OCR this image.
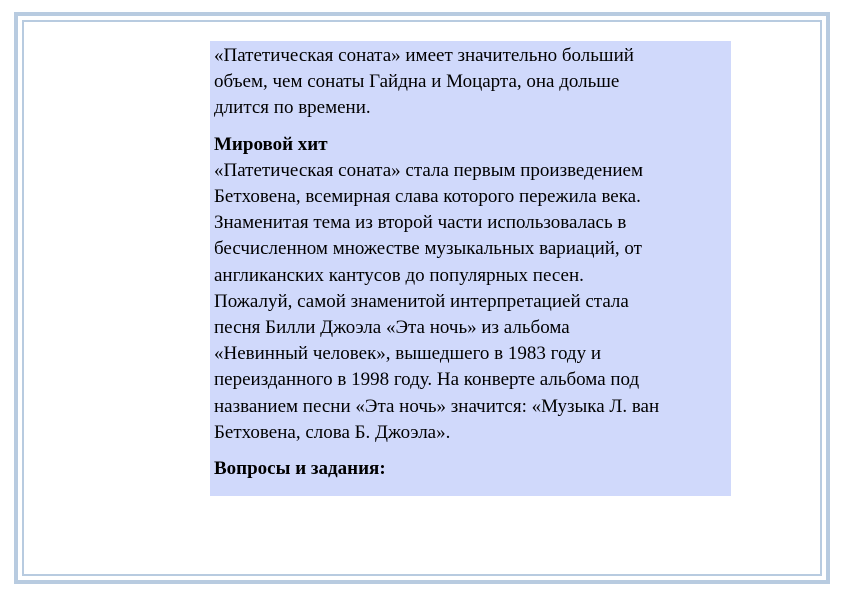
«Патетическая соната» имеет значительно больший
объем, чем сонаты Гайдна и Моцарта, она дольше
длится по времени.

Мировой хит

«Патетическая соната» стала первым произведением
Бетховена, всемирная слава которого пережила века.
Знаменитая тема из второй части использовалась в
бесчисленном множестве музыкальных вариаций, от
англиканских кантусов до популярных песен.
Пожалуй, самой знаменитой интерпретацией стала
песня Билли Джоэла «Эта ночь» из альбома
«Невинный человек», вышедшего в 1983 году и
переизданного в 1998 году. На конверте альбома под
названием песни «Эта ночь» значится: «Музыка Л. ван
Бетховена, слова Б. Джоэла».

Вопросы и задания:
